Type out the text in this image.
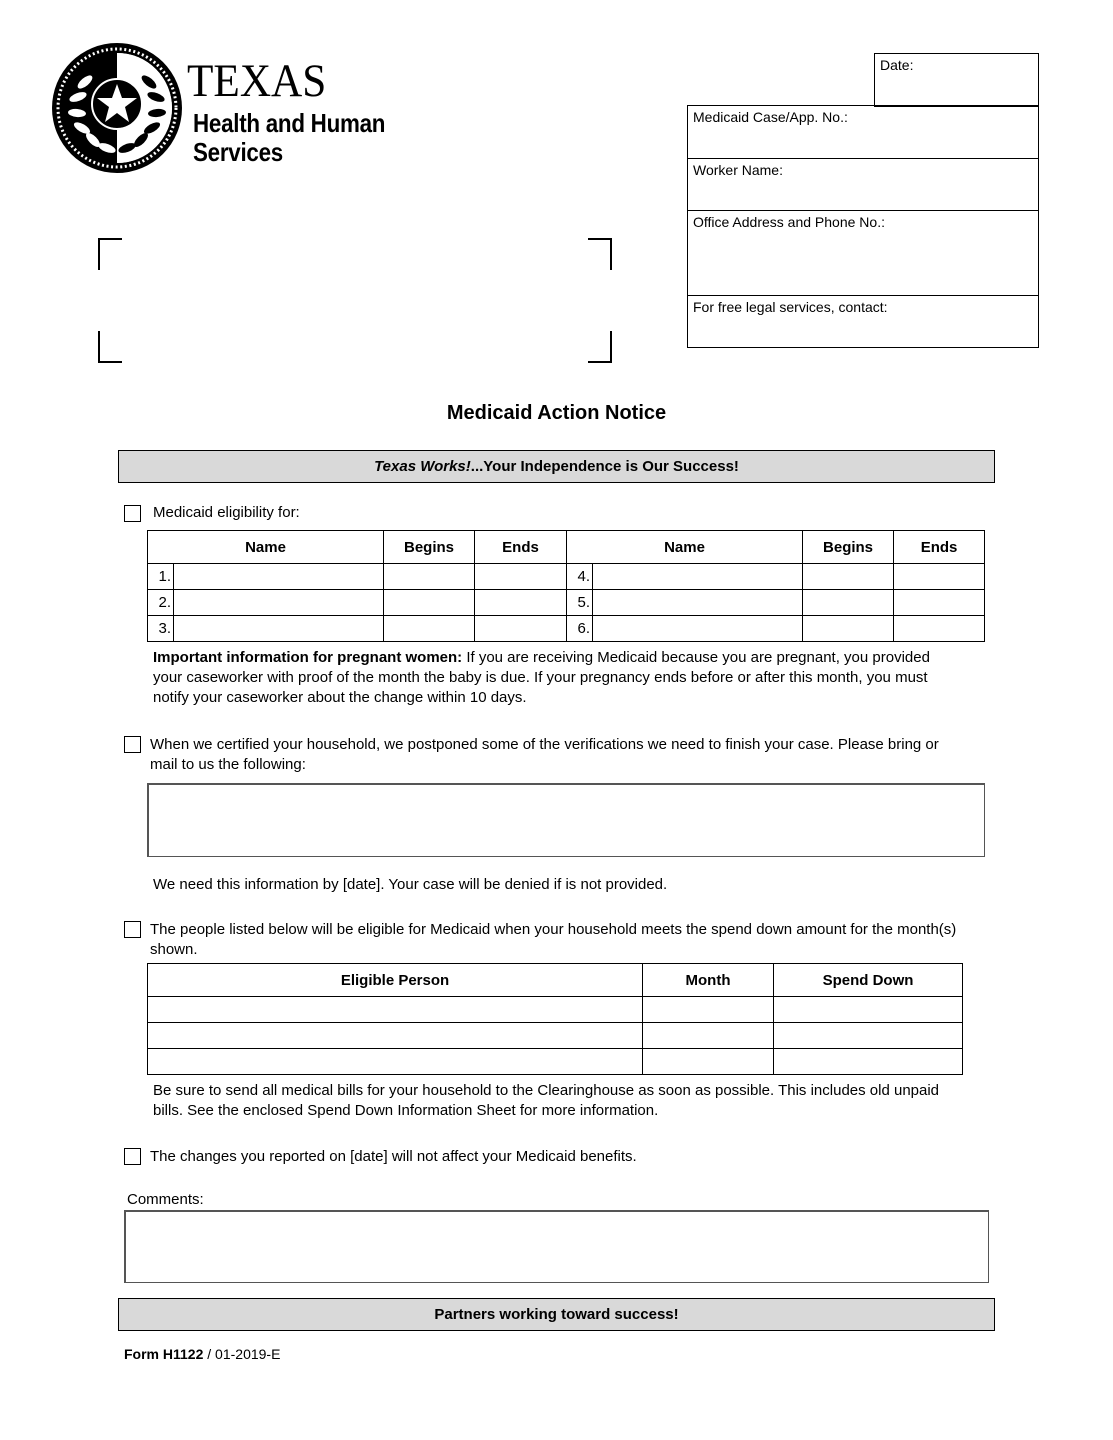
TEXAS
Health and Human
Services
Date:
Medicaid Case/App. No.:
Worker Name:
Office Address and Phone No.:
For free legal services, contact:
Medicaid Action Notice
Texas Works!...Your Independence is Our Success!
Medicaid eligibility for:
Name		Begins	Ends	Name		Begins	Ends
1.				4.			
2.				5.			
3.				6.			
Important information for pregnant women: If you are receiving Medicaid because you are pregnant, you provided your caseworker with proof of the month the baby is due. If your pregnancy ends before or after this month, you must notify your caseworker about the change within 10 days.
When we certified your household, we postponed some of the verifications we need to finish your case. Please bring or mail to us the following:
We need this information by [date]. Your case will be denied if is not provided.
The people listed below will be eligible for Medicaid when your household meets the spend down amount for the month(s) shown.
Eligible Person	Month	Spend Down

Be sure to send all medical bills for your household to the Clearinghouse as soon as possible. This includes old unpaid bills. See the enclosed Spend Down Information Sheet for more information.
The changes you reported on [date] will not affect your Medicaid benefits.
Comments:
Partners working toward success!
Form H1122 / 01-2019-E
